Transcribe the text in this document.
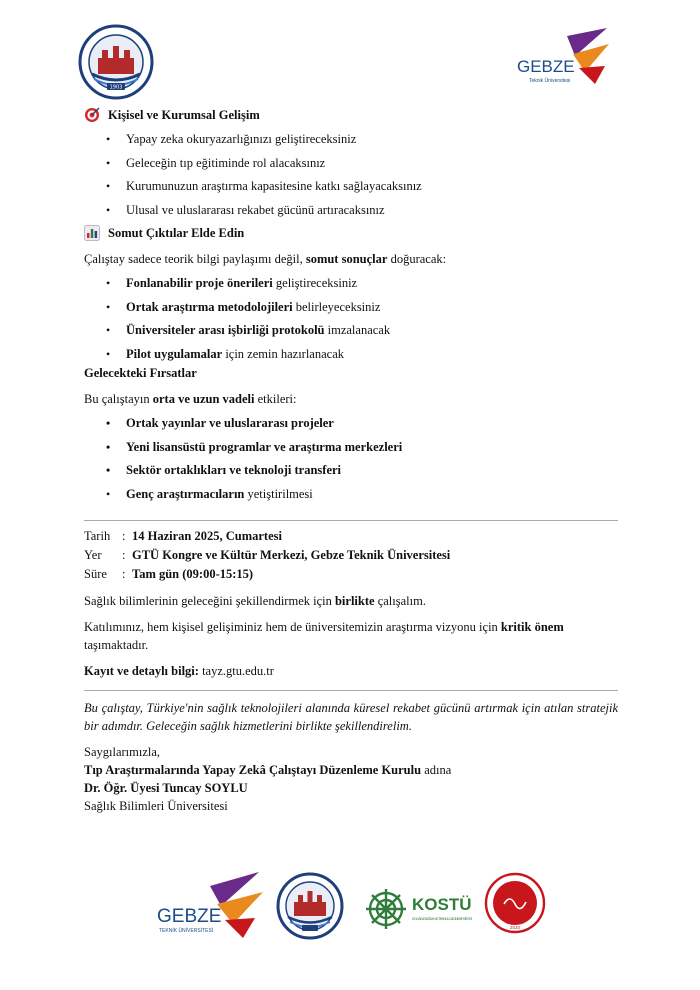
1903
GEBZE
Teknik Üniversitesi
Kişisel ve Kurumsal Gelişim
• Yapay zeka okuryazarlığınızı geliştireceksiniz
• Geleceğin tıp eğitiminde rol alacaksınız
• Kurumunuzun araştırma kapasitesine katkı sağlayacaksınız
• Ulusal ve uluslararası rekabet gücünü artıracaksınız
Somut Çıktılar Elde Edin

Çalıştay sadece teorik bilgi paylaşımı değil, somut sonuçlar doğuracak:

• Fonlanabilir proje önerileri geliştireceksiniz
• Ortak araştırma metodolojileri belirleyeceksiniz
• Üniversiteler arası işbirliği protokolü imzalanacak
• Pilot uygulamalar için zemin hazırlanacak
Gelecekteki Fırsatlar

Bu çalıştayın orta ve uzun vadeli etkileri:

• Ortak yayınlar ve uluslararası projeler
• Yeni lisansüstü programlar ve araştırma merkezleri
• Sektör ortaklıkları ve teknoloji transferi
• Genç araştırmacıların yetiştirilmesi
Tarih : 14 Haziran 2025, Cumartesi
Yer	: GTÜ Kongre ve Kültür Merkezi, Gebze Teknik Üniversitesi
Süre	: Tam gün (09:00-15:15)

Sağlık bilimlerinin geleceğini şekillendirmek için birlikte çalışalım.

Katılımınız, hem kişisel gelişiminiz hem de üniversitemizin araştırma vizyonu için kritik önem taşımaktadır.

Kayıt ve detaylı bilgi: tayz.gtu.edu.tr

Bu çalıştay, Türkiye'nin sağlık teknolojileri alanında küresel rekabet gücünü artırmak için atılan stratejik bir adımdır. Geleceğin sağlık hizmetlerini birlikte şekillendirelim.

Saygılarımızla,

Tıp Araştırmalarında Yapay Zekâ Çalıştayı Düzenleme Kurulu adına

Dr. Öğr. Üyesi Tuncay SOYLU

Sağlık Bilimleri Üniversitesi

GEBZE
TEKNİK ÜNİVERSİTESİ
KOSTÜ
KOCAELİ SAĞLIK VE TEKNOLOJİ ÜNİVERSİTESİ
2020
